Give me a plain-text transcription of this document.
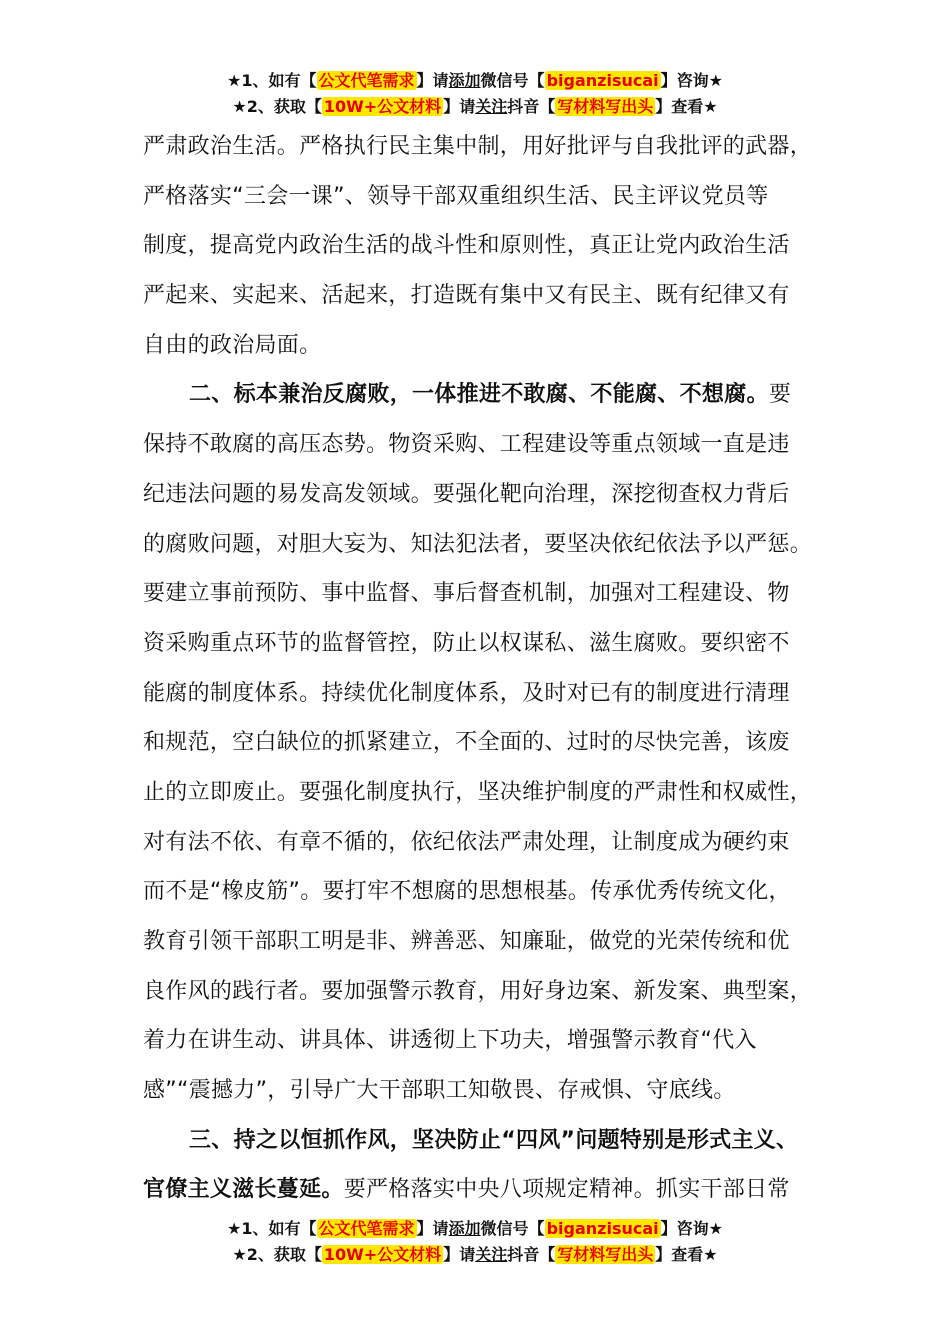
★1、如有【 公文代笔需求 】请添加微信号【 biganzisucai 】咨询★
★2、获取【 10W+公文材料 】请关注抖音【 写材料写出头 】查看★
严肃政治生活。严格执行民主集中制，用好批评与自我批评的武器，
严格落实“三会一课”、领导干部双重组织生活、民主评议党员等
制度，提高党内政治生活的战斗性和原则性，真正让党内政治生活
严起来、实起来、活起来，打造既有集中又有民主、既有纪律又有
自由的政治局面。
二、标本兼治反腐败，一体推进不敢腐、不能腐、不想腐。要
保持不敢腐的高压态势。物资采购、工程建设等重点领域一直是违
纪违法问题的易发高发领域。要强化靶向治理，深挖彻查权力背后
的腐败问题，对胆大妄为、知法犯法者，要坚决依纪依法予以严惩。
要建立事前预防、事中监督、事后督查机制，加强对工程建设、物
资采购重点环节的监督管控，防止以权谋私、滋生腐败。要织密不
能腐的制度体系。持续优化制度体系，及时对已有的制度进行清理
和规范，空白缺位的抓紧建立，不全面的、过时的尽快完善，该废
止的立即废止。要强化制度执行，坚决维护制度的严肃性和权威性，
对有法不依、有章不循的，依纪依法严肃处理，让制度成为硬约束
而不是“橡皮筋”。要打牢不想腐的思想根基。传承优秀传统文化，
教育引领干部职工明是非、辨善恶、知廉耻，做党的光荣传统和优
良作风的践行者。要加强警示教育，用好身边案、新发案、典型案，
着力在讲生动、讲具体、讲透彻上下功夫，增强警示教育“代入
感”“震撼力”，引导广大干部职工知敬畏、存戒惧、守底线。
三、持之以恒抓作风，坚决防止“四风”问题特别是形式主义、
官僚主义滋长蔓延。要严格落实中央八项规定精神。抓实干部日常
★1、如有【 公文代笔需求 】请添加微信号【 biganzisucai 】咨询★
★2、获取【 10W+公文材料 】请关注抖音【 写材料写出头 】查看★
